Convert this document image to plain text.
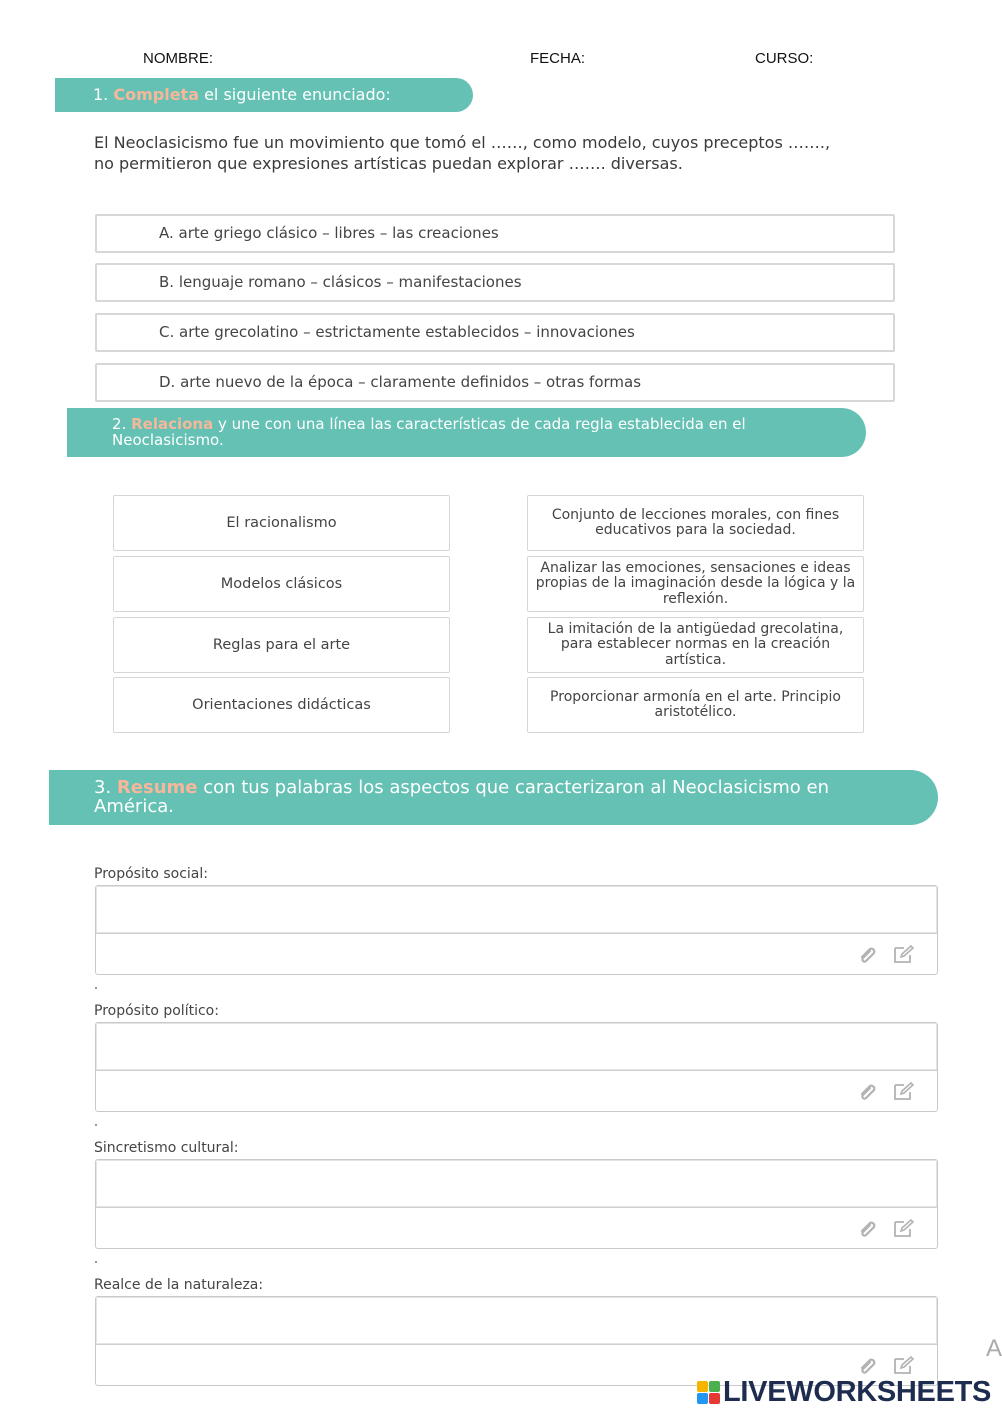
NOMBRE:	FECHA:	CURSO:
1. Completa el siguiente enunciado:
El Neoclasicismo fue un movimiento que tomó el ……, como modelo, cuyos preceptos ……., no permitieron que expresiones artísticas puedan explorar ……. diversas.
A. arte griego clásico – libres – las creaciones
B. lenguaje romano – clásicos – manifestaciones
C. arte grecolatino – estrictamente establecidos – innovaciones
D. arte nuevo de la época – claramente definidos – otras formas
2. Relaciona y une con una línea las características de cada regla establecida en el Neoclasicismo.
El racionalismo
Modelos clásicos
Reglas para el arte
Orientaciones didácticas
Conjunto de lecciones morales, con fines educativos para la sociedad.
Analizar las emociones, sensaciones e ideas propias de la imaginación desde la lógica y la reflexión.
La imitación de la antigüedad grecolatina, para establecer normas en la creación artística.
Proporcionar armonía en el arte. Principio aristotélico.
3. Resume con tus palabras los aspectos que caracterizaron al Neoclasicismo en América.
Propósito social:
Propósito político:
Sincretismo cultural:
Realce de la naturaleza:
A
LIVEWORKSHEETS
